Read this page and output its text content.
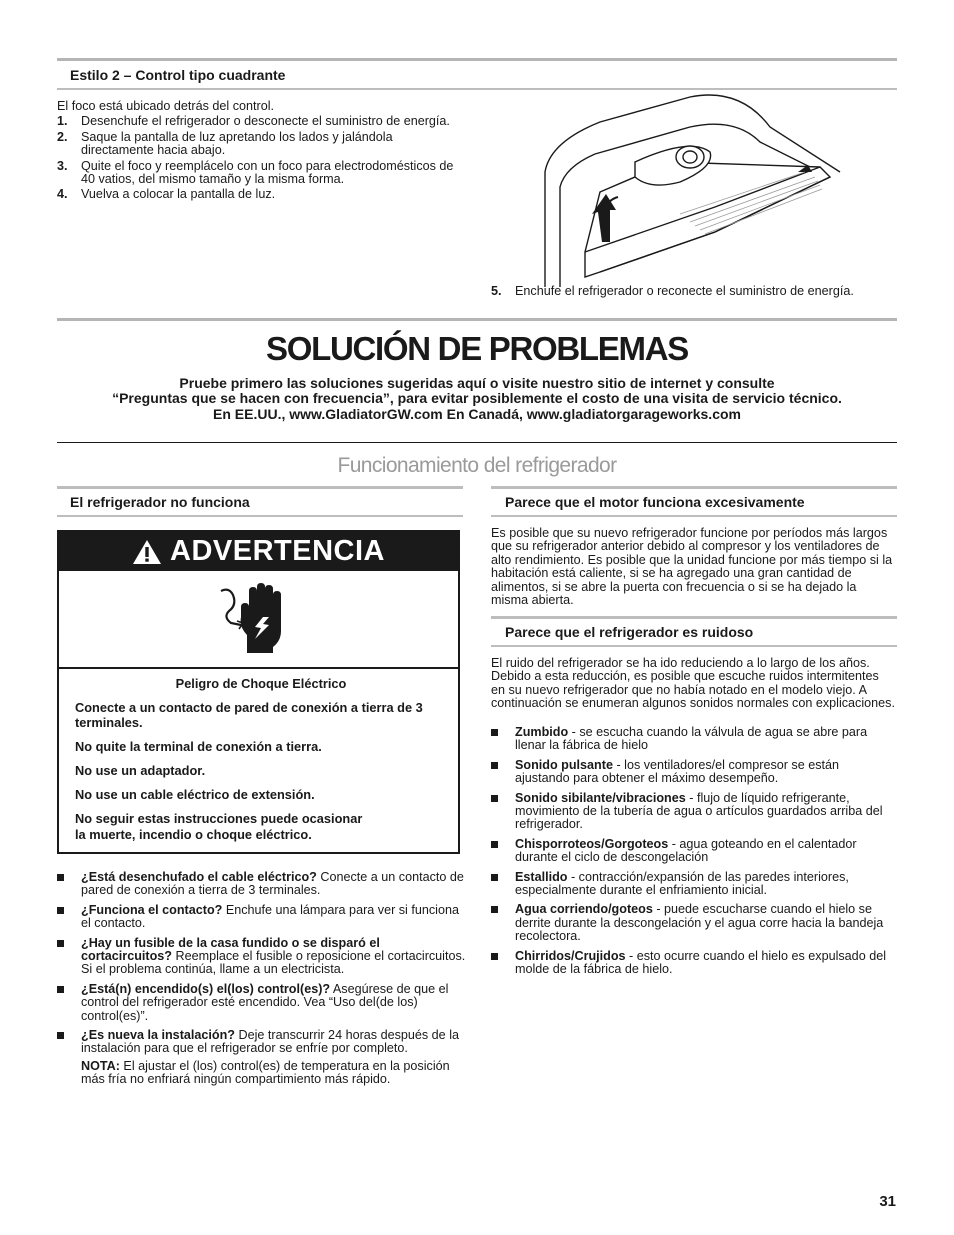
Estilo 2 – Control tipo cuadrante

El foco está ubicado detrás del control.

1. Desenchufe el refrigerador o desconecte el suministro de energía.
2. Saque la pantalla de luz apretando los lados y jalándola directamente hacia abajo.
3. Quite el foco y reemplácelo con un foco para electrodomésticos de 40 vatios, del mismo tamaño y la misma forma.
4. Vuelva a colocar la pantalla de luz.
5. Enchufe el refrigerador o reconecte el suministro de energía.
SOLUCIÓN DE PROBLEMAS
Pruebe primero las soluciones sugeridas aquí o visite nuestro sitio de internet y consulte
“Preguntas que se hacen con frecuencia”, para evitar posiblemente el costo de una visita de servicio técnico.
En EE.UU., www.GladiatorGW.com En Canadá, www.gladiatorgarageworks.com
Funcionamiento del refrigerador
El refrigerador no funciona
ADVERTENCIA

Peligro de Choque Eléctrico

Conecte a un contacto de pared de conexión a tierra de 3 terminales.

No quite la terminal de conexión a tierra.

No use un adaptador.

No use un cable eléctrico de extensión.

No seguir estas instrucciones puede ocasionar
la muerte, incendio o choque eléctrico.

¿Está desenchufado el cable eléctrico? Conecte a un contacto de pared de conexión a tierra de 3 terminales.
¿Funciona el contacto? Enchufe una lámpara para ver si funciona el contacto.
¿Hay un fusible de la casa fundido o se disparó el cortacircuitos? Reemplace el fusible o reposicione el cortacircuitos. Si el problema continúa, llame a un electricista.
¿Está(n) encendido(s) el(los) control(es)? Asegúrese de que el control del refrigerador esté encendido. Vea “Uso del(de los) control(es)”.
¿Es nueva la instalación? Deje transcurrir 24 horas después de la instalación para que el refrigerador se enfríe por completo.

NOTA: El ajustar el (los) control(es) de temperatura en la posición más fría no enfriará ningún compartimiento más rápido.

Parece que el motor funciona excesivamente

Es posible que su nuevo refrigerador funcione por períodos más largos que su refrigerador anterior debido al compresor y los ventiladores de alto rendimiento. Es posible que la unidad funcione por más tiempo si la habitación está caliente, si se ha agregado una gran cantidad de alimentos, si se abre la puerta con frecuencia o si se ha dejado la misma abierta.

Parece que el refrigerador es ruidoso

El ruido del refrigerador se ha ido reduciendo a lo largo de los años. Debido a esta reducción, es posible que escuche ruidos intermitentes en su nuevo refrigerador que no había notado en el modelo viejo. A continuación se enumeran algunos sonidos normales con explicaciones.

Zumbido - se escucha cuando la válvula de agua se abre para llenar la fábrica de hielo
Sonido pulsante - los ventiladores/el compresor se están ajustando para obtener el máximo desempeño.
Sonido sibilante/vibraciones - flujo de líquido refrigerante, movimiento de la tubería de agua o artículos guardados arriba del refrigerador.
Chisporroteos/Gorgoteos - agua goteando en el calentador durante el ciclo de descongelación
Estallido - contracción/expansión de las paredes interiores, especialmente durante el enfriamiento inicial.
Agua corriendo/goteos - puede escucharse cuando el hielo se derrite durante la descongelación y el agua corre hacia la bandeja recolectora.
Chirridos/Crujidos - esto ocurre cuando el hielo es expulsado del molde de la fábrica de hielo.
31
